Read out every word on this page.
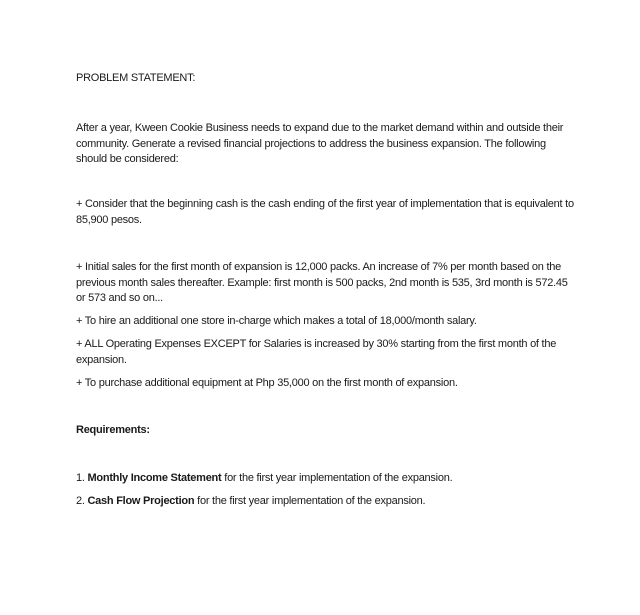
PROBLEM STATEMENT:

After a year, Kween Cookie Business needs to expand due to the market demand within and outside their community. Generate a revised financial projections to address the business expansion. The following should be considered:

+ Consider that the beginning cash is the cash ending of the first year of implementation that is equivalent to 85,900 pesos.

+ Initial sales for the first month of expansion is 12,000 packs. An increase of 7% per month based on the previous month sales thereafter. Example: first month is 500 packs, 2nd month is 535, 3rd month is 572.45 or 573 and so on...

+ To hire an additional one store in-charge which makes a total of 18,000/month salary.

+ ALL Operating Expenses EXCEPT for Salaries is increased by 30% starting from the first month of the expansion.

+ To purchase additional equipment at Php 35,000 on the first month of expansion.

Requirements:

1. Monthly Income Statement for the first year implementation of the expansion.

2. Cash Flow Projection for the first year implementation of the expansion.
